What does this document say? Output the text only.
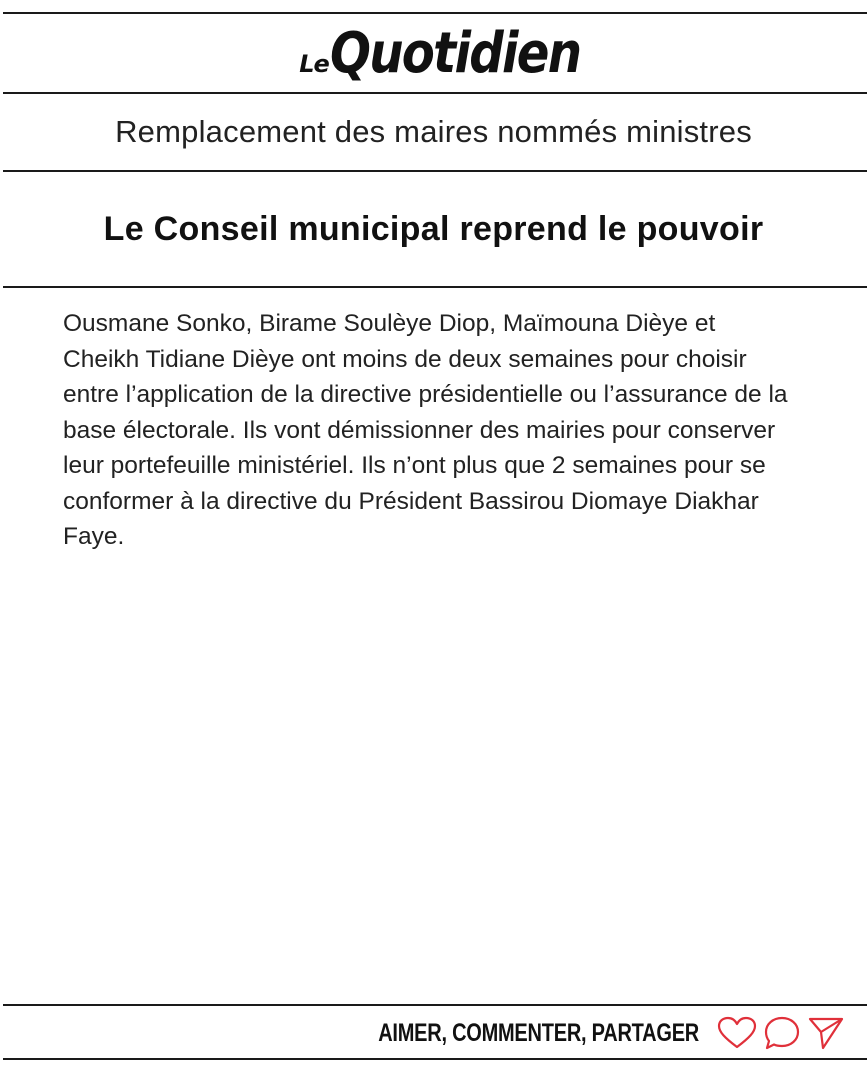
Le Quotidien
Remplacement des maires nommés ministres
Le Conseil municipal reprend le pouvoir

Ousmane Sonko, Birame Soulèye Diop, Maïmouna Dièye et Cheikh Tidiane Dièye ont moins de deux semaines pour choisir entre l’application de la directive présidentielle ou l’assurance de la base électorale. Ils vont démissionner des mairies pour conserver leur portefeuille ministériel. Ils n’ont plus que 2 semaines pour se conformer à la directive du Président Bassirou Diomaye Diakhar Faye.

AIMER, COMMENTER, PARTAGER
